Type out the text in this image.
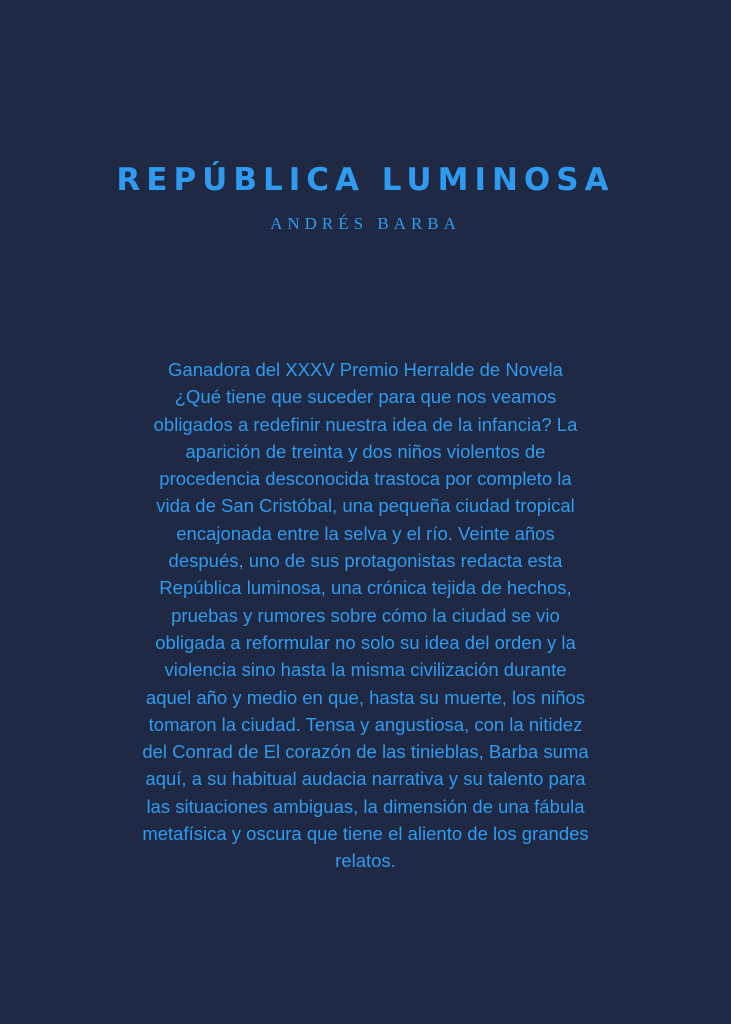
REPÚBLICA LUMINOSA
ANDRÉS BARBA

Ganadora del XXXV Premio Herralde de Novela
¿Qué tiene que suceder para que nos veamos
obligados a redefinir nuestra idea de la infancia? La
aparición de treinta y dos niños violentos de
procedencia desconocida trastoca por completo la
vida de San Cristóbal, una pequeña ciudad tropical
encajonada entre la selva y el río. Veinte años
después, uno de sus protagonistas redacta esta
República luminosa, una crónica tejida de hechos,
pruebas y rumores sobre cómo la ciudad se vio
obligada a reformular no solo su idea del orden y la
violencia sino hasta la misma civilización durante
aquel año y medio en que, hasta su muerte, los niños
tomaron la ciudad. Tensa y angustiosa, con la nitidez
del Conrad de El corazón de las tinieblas, Barba suma
aquí, a su habitual audacia narrativa y su talento para
las situaciones ambiguas, la dimensión de una fábula
metafísica y oscura que tiene el aliento de los grandes
relatos.
